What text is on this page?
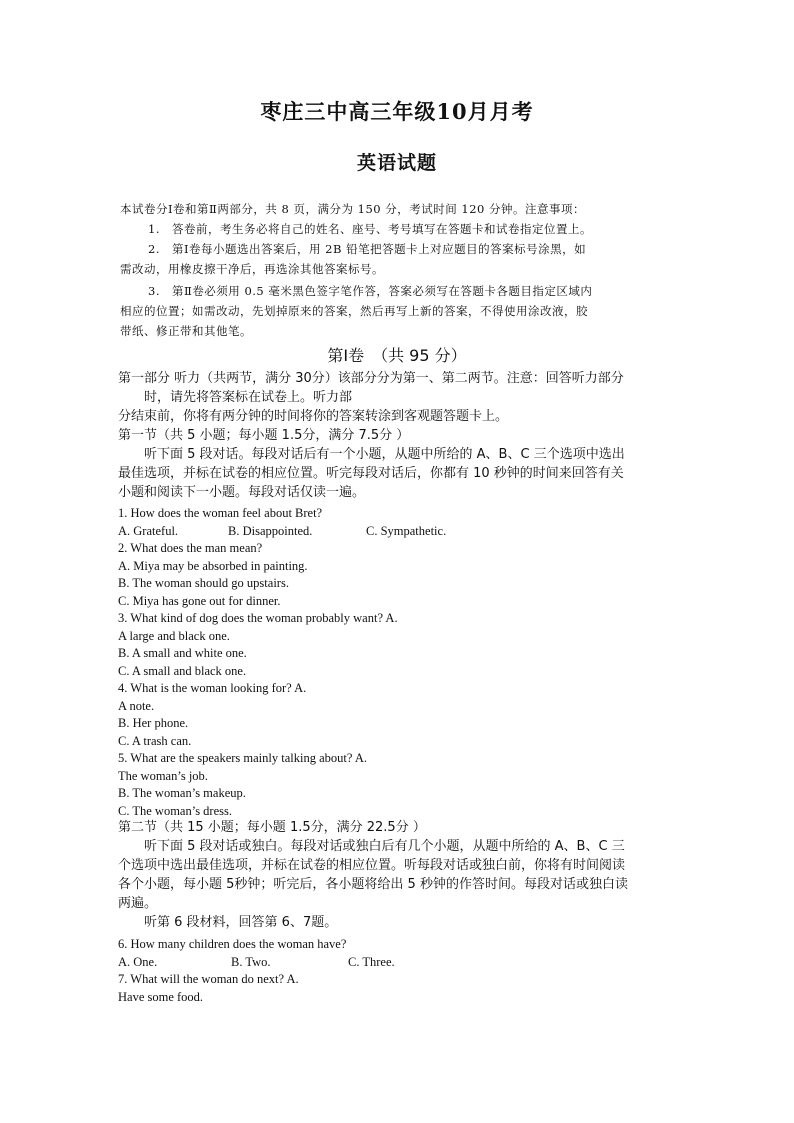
枣庄三中高三年级10月月考
英语试题

本试卷分Ⅰ卷和第Ⅱ两部分，共 8 页，满分为 150 分，考试时间 120 分钟。注意事项：

1.　答卷前，考生务必将自己的姓名、座号、考号填写在答题卡和试卷指定位置上。

2.　第Ⅰ卷每小题选出答案后，用 2B 铅笔把答题卡上对应题目的答案标号涂黑，如

需改动，用橡皮擦干净后，再选涂其他答案标号。

3.　第Ⅱ卷必须用 0.5 毫米黑色签字笔作答，答案必须写在答题卡各题目指定区域内

相应的位置；如需改动，先划掉原来的答案，然后再写上新的答案，不得使用涂改液，胶

带纸、修正带和其他笔。

第Ⅰ卷　（共 95 分）

第一部分 听力（共两节，满分 30分）该部分分为第一、第二两节。注意：回答听力部分

　　时，请先将答案标在试卷上。听力部

分结束前，你将有两分钟的时间将你的答案转涂到客观题答题卡上。

第一节（共 5 小题；每小题 1.5分，满分 7.5分 ）

　　听下面 5 段对话。每段对话后有一个小题，从题中所给的 A、B、C 三个选项中选出

最佳选项，并标在试卷的相应位置。听完每段对话后，你都有 10 秒钟的时间来回答有关

小题和阅读下一小题。每段对话仅读一遍。

1. How does the woman feel about Bret?

A. Grateful.	B. Disappointed.	C. Sympathetic.

2. What does the man mean?

A. Miya may be absorbed in painting.

B. The woman should go upstairs.

C. Miya has gone out for dinner.

3. What kind of dog does the woman probably want? A.

A large and black one.

B. A small and white one.

C. A small and black one.

4. What is the woman looking for? A.

A note.

B. Her phone.

C. A trash can.

5. What are the speakers mainly talking about? A.

The woman’s job.

B. The woman’s makeup.

C. The woman’s dress.

第二节（共 15 小题；每小题 1.5分，满分 22.5分 ）

　　听下面 5 段对话或独白。每段对话或独白后有几个小题，从题中所给的 A、B、C 三

个选项中选出最佳选项，并标在试卷的相应位置。听每段对话或独白前，你将有时间阅读

各个小题，每小题 5秒钟；听完后，各小题将给出 5 秒钟的作答时间。每段对话或独白读

两遍。

　　听第 6 段材料，回答第 6、7题。

6. How many children does the woman have?

A. One.	B. Two.	C. Three.

7. What will the woman do next? A.

Have some food.
